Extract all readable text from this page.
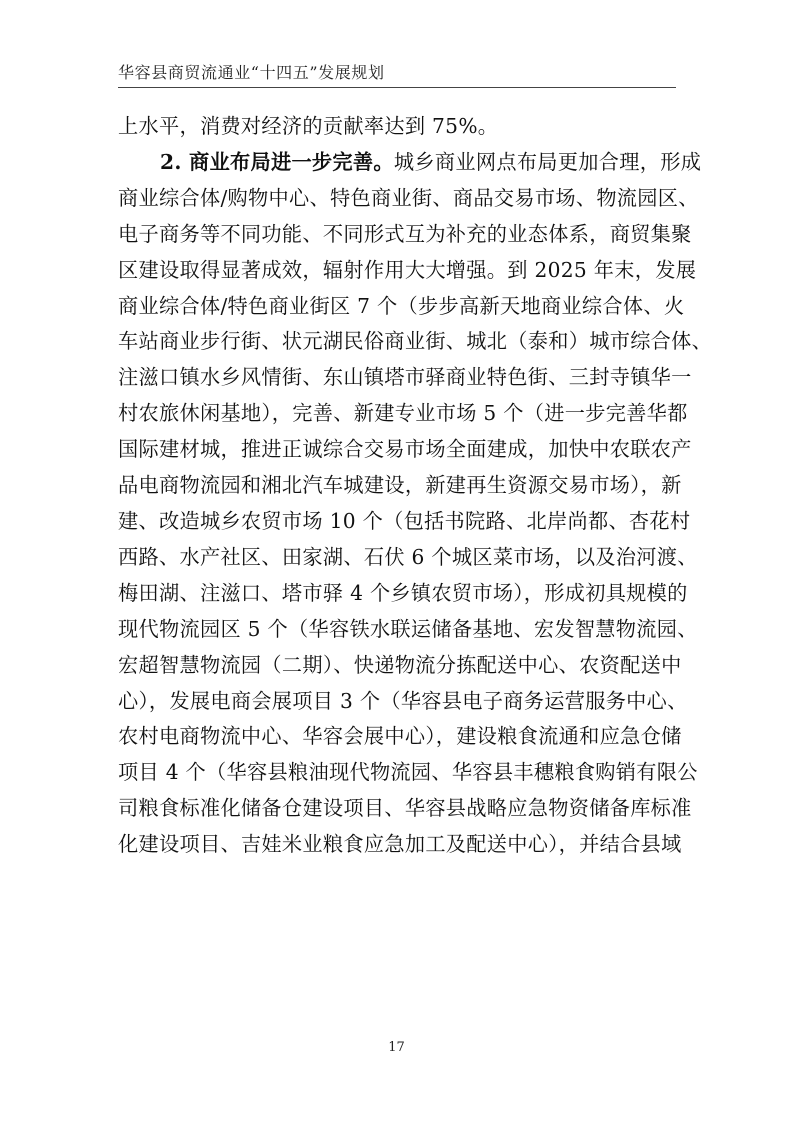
华容县商贸流通业“十四五”发展规划
上水平，消费对经济的贡献率达到 75%。
2. 商业布局进一步完善。城乡商业网点布局更加合理，形成
商业综合体/购物中心、特色商业街、商品交易市场、物流园区、
电子商务等不同功能、不同形式互为补充的业态体系，商贸集聚
区建设取得显著成效，辐射作用大大增强。到 2025 年末，发展
商业综合体/特色商业街区 7 个（步步高新天地商业综合体、火
车站商业步行街、状元湖民俗商业街、城北（泰和）城市综合体、
注滋口镇水乡风情街、东山镇塔市驿商业特色街、三封寺镇华一
村农旅休闲基地），完善、新建专业市场 5 个（进一步完善华都
国际建材城，推进正诚综合交易市场全面建成，加快中农联农产
品电商物流园和湘北汽车城建设，新建再生资源交易市场），新
建、改造城乡农贸市场 10 个（包括书院路、北岸尚都、杏花村
西路、水产社区、田家湖、石伏 6 个城区菜市场，以及治河渡、
梅田湖、注滋口、塔市驿 4 个乡镇农贸市场），形成初具规模的
现代物流园区 5 个（华容铁水联运储备基地、宏发智慧物流园、
宏超智慧物流园（二期）、快递物流分拣配送中心、农资配送中
心），发展电商会展项目 3 个（华容县电子商务运营服务中心、
农村电商物流中心、华容会展中心），建设粮食流通和应急仓储
项目 4 个（华容县粮油现代物流园、华容县丰穗粮食购销有限公
司粮食标准化储备仓建设项目、华容县战略应急物资储备库标准
化建设项目、吉娃米业粮食应急加工及配送中心），并结合县域
17
